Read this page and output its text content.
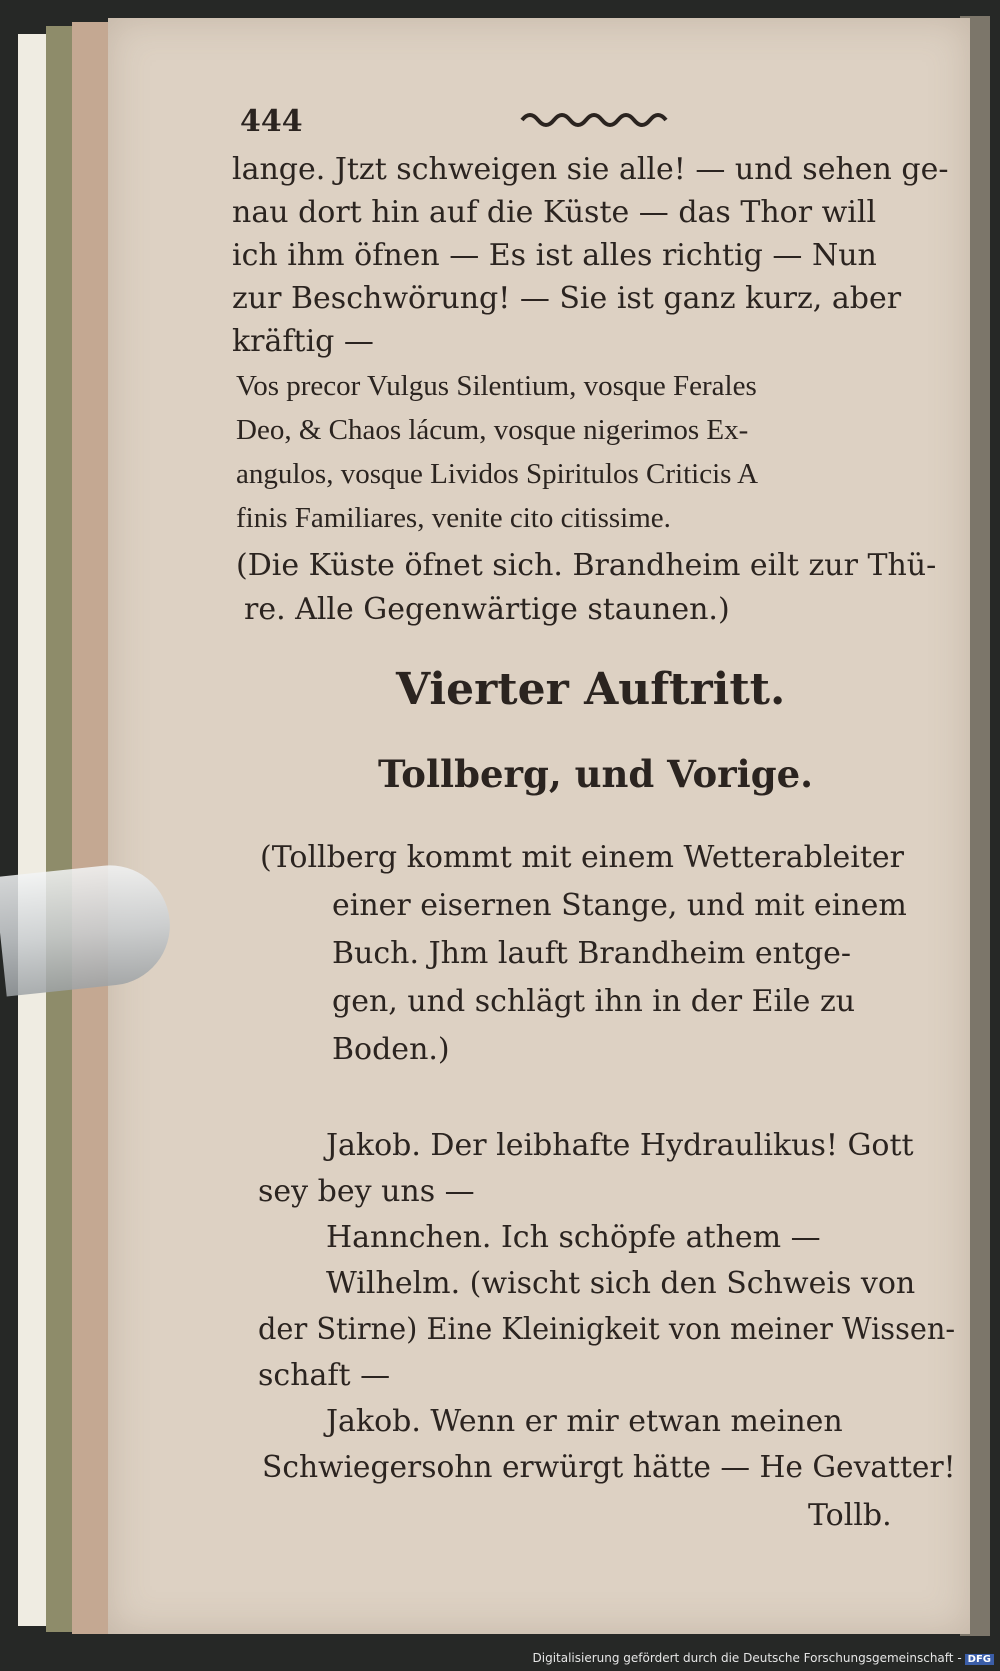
444
lange. Jtzt schweigen sie alle! — und sehen ge-
nau dort hin auf die Küste — das Thor will
ich ihm öfnen — Es ist alles richtig — Nun
zur Beschwörung! — Sie ist ganz kurz, aber
kräftig —
Vos precor Vulgus Silentium, vosque Ferales
Deo, & Chaos lácum, vosque nigerimos Ex-
angulos, vosque Lividos Spiritulos Criticis A
finis Familiares, venite cito citissime.
(Die Küste öfnet sich. Brandheim eilt zur Thü-
re. Alle Gegenwärtige staunen.)
Vierter Auftritt.
Tollberg, und Vorige.
(Tollberg kommt mit einem Wetterableiter
einer eisernen Stange, und mit einem
Buch. Jhm lauft Brandheim entge-
gen, und schlägt ihn in der Eile zu
Boden.)
Jakob. Der leibhafte Hydraulikus! Gott
sey bey uns —
Hannchen. Ich schöpfe athem —
Wilhelm. (wischt sich den Schweis von
der Stirne) Eine Kleinigkeit von meiner Wissen-
schaft —
Jakob. Wenn er mir etwan meinen
Schwiegersohn erwürgt hätte — He Gevatter!
Tollb.
Digitalisierung gefördert durch die Deutsche Forschungsgemeinschaft - DFG
